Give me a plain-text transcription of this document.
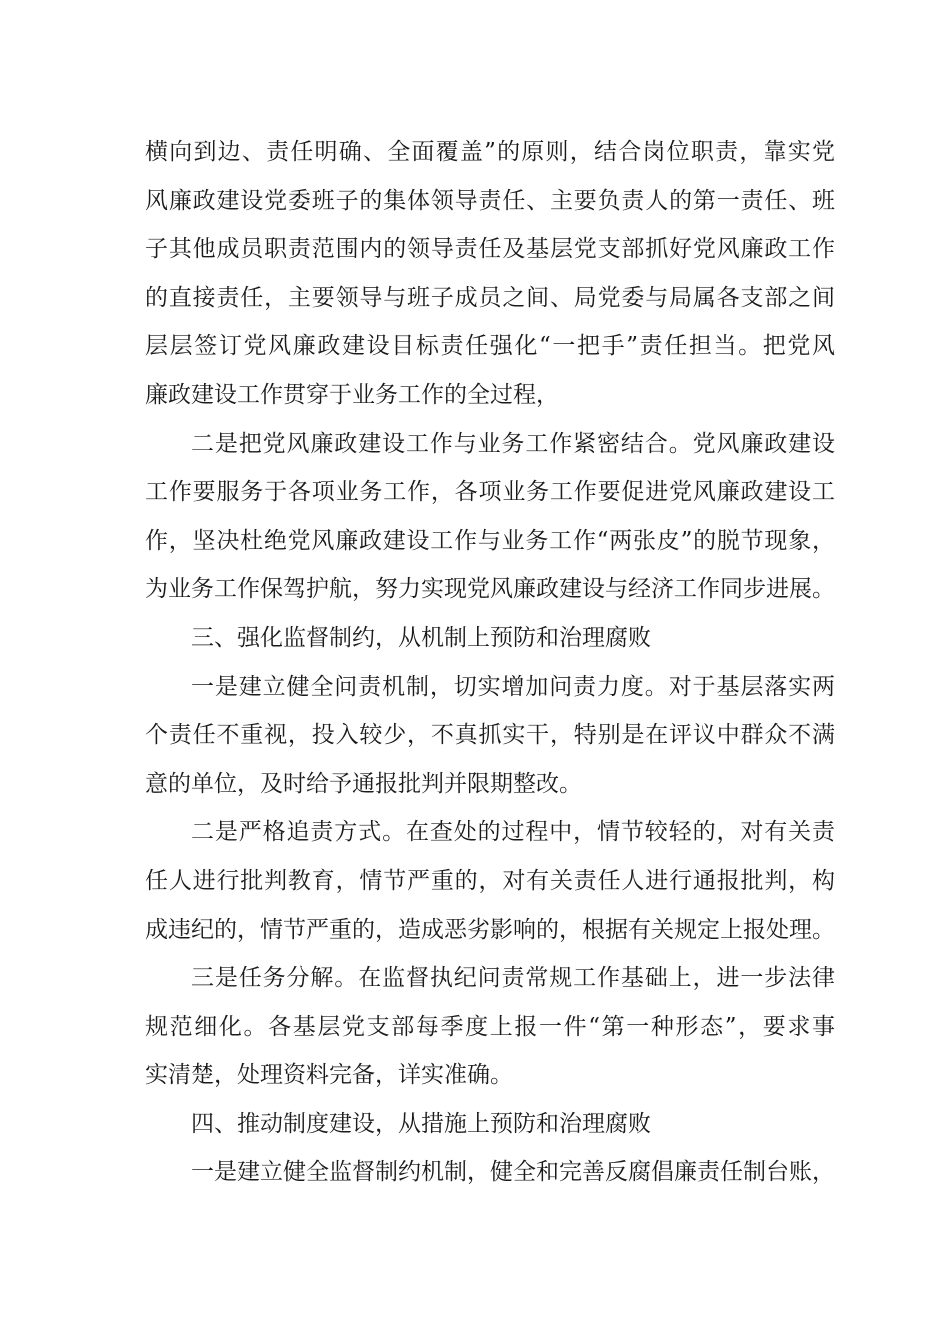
横向到边、责任明确、全面覆盖”的原则，结合岗位职责，靠实党
风廉政建设党委班子的集体领导责任、主要负责人的第一责任、班
子其他成员职责范围内的领导责任及基层党支部抓好党风廉政工作
的直接责任，主要领导与班子成员之间、局党委与局属各支部之间
层层签订党风廉政建设目标责任强化“一把手”责任担当。把党风
廉政建设工作贯穿于业务工作的全过程，
二是把党风廉政建设工作与业务工作紧密结合。党风廉政建设
工作要服务于各项业务工作，各项业务工作要促进党风廉政建设工
作，坚决杜绝党风廉政建设工作与业务工作“两张皮”的脱节现象，
为业务工作保驾护航，努力实现党风廉政建设与经济工作同步进展。
三、强化监督制约，从机制上预防和治理腐败
一是建立健全问责机制，切实增加问责力度。对于基层落实两
个责任不重视，投入较少，不真抓实干，特别是在评议中群众不满
意的单位，及时给予通报批判并限期整改。
二是严格追责方式。在查处的过程中，情节较轻的，对有关责
任人进行批判教育，情节严重的，对有关责任人进行通报批判，构
成违纪的，情节严重的，造成恶劣影响的，根据有关规定上报处理。
三是任务分解。在监督执纪问责常规工作基础上，进一步法律
规范细化。各基层党支部每季度上报一件“第一种形态”，要求事
实清楚，处理资料完备，详实准确。
四、推动制度建设，从措施上预防和治理腐败
一是建立健全监督制约机制，健全和完善反腐倡廉责任制台账，
